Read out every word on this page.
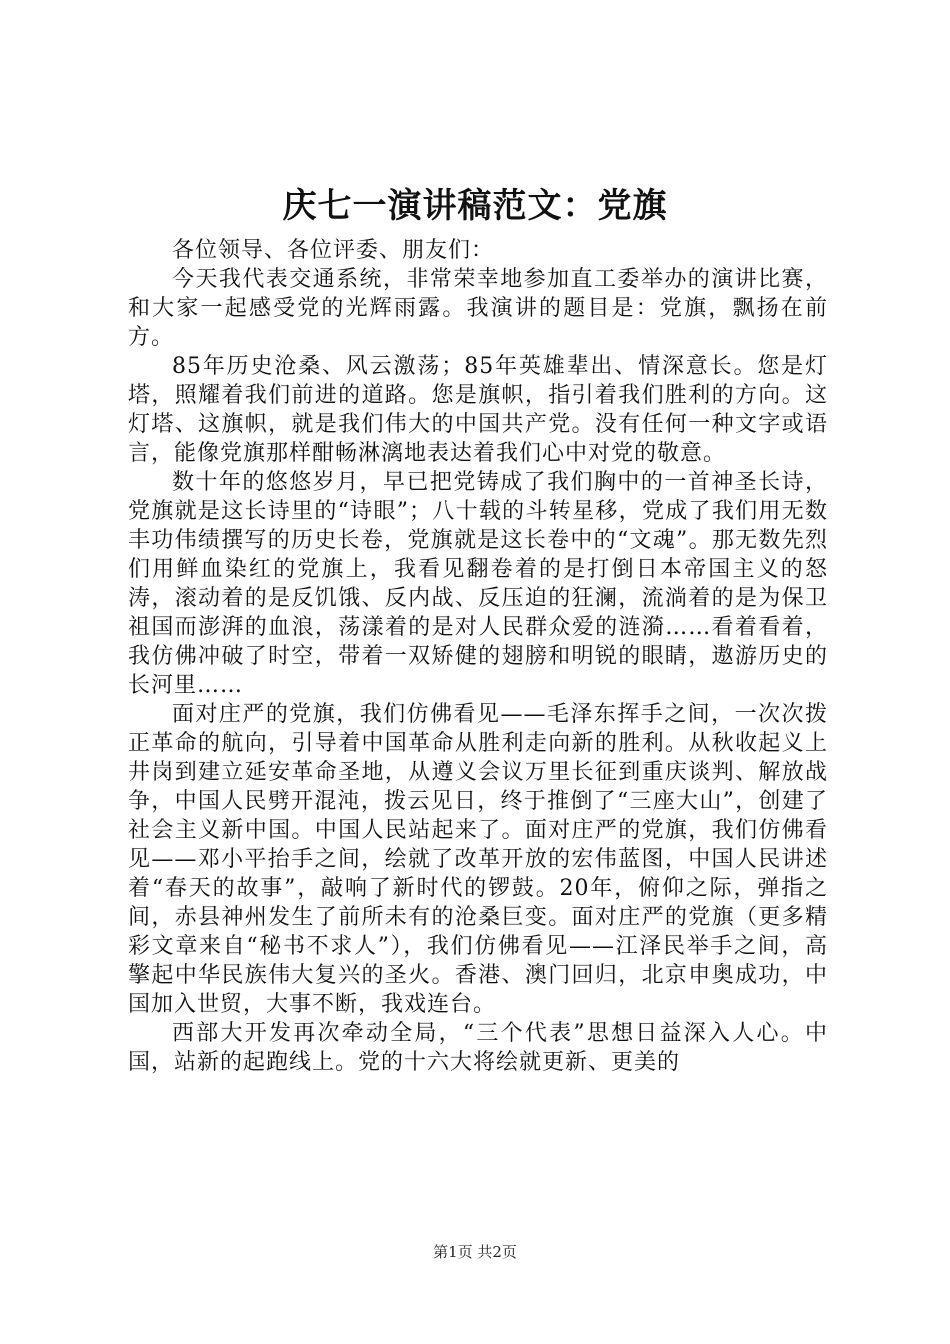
庆七一演讲稿范文：党旗

各位领导、各位评委、朋友们：

今天我代表交通系统，非常荣幸地参加直工委举办的演讲比赛，和大家一起感受党的光辉雨露。我演讲的题目是：党旗，飘扬在前方。

85年历史沧桑、风云激荡；85年英雄辈出、情深意长。您是灯塔，照耀着我们前进的道路。您是旗帜，指引着我们胜利的方向。这灯塔、这旗帜，就是我们伟大的中国共产党。没有任何一种文字或语言，能像党旗那样酣畅淋漓地表达着我们心中对党的敬意。

数十年的悠悠岁月，早已把党铸成了我们胸中的一首神圣长诗，党旗就是这长诗里的“诗眼”；八十载的斗转星移，党成了我们用无数丰功伟绩撰写的历史长卷，党旗就是这长卷中的“文魂”。那无数先烈们用鲜血染红的党旗上，我看见翻卷着的是打倒日本帝国主义的怒涛，滚动着的是反饥饿、反内战、反压迫的狂澜，流淌着的是为保卫祖国而澎湃的血浪，荡漾着的是对人民群众爱的涟漪……看着看着，我仿佛冲破了时空，带着一双矫健的翅膀和明锐的眼睛，遨游历史的长河里……

面对庄严的党旗，我们仿佛看见——毛泽东挥手之间，一次次拨正革命的航向，引导着中国革命从胜利走向新的胜利。从秋收起义上井岗到建立延安革命圣地，从遵义会议万里长征到重庆谈判、解放战争，中国人民劈开混沌，拨云见日，终于推倒了“三座大山”，创建了社会主义新中国。中国人民站起来了。面对庄严的党旗，我们仿佛看见——邓小平抬手之间，绘就了改革开放的宏伟蓝图，中国人民讲述着“春天的故事”，敲响了新时代的锣鼓。20年，俯仰之际，弹指之间，赤县神州发生了前所未有的沧桑巨变。面对庄严的党旗（更多精彩文章来自“秘书不求人”），我们仿佛看见——江泽民举手之间，高擎起中华民族伟大复兴的圣火。香港、澳门回归，北京申奥成功，中国加入世贸，大事不断，我戏连台。

西部大开发再次牵动全局，“三个代表”思想日益深入人心。中国，站新的起跑线上。党的十六大将绘就更新、更美的

第1页 共2页
